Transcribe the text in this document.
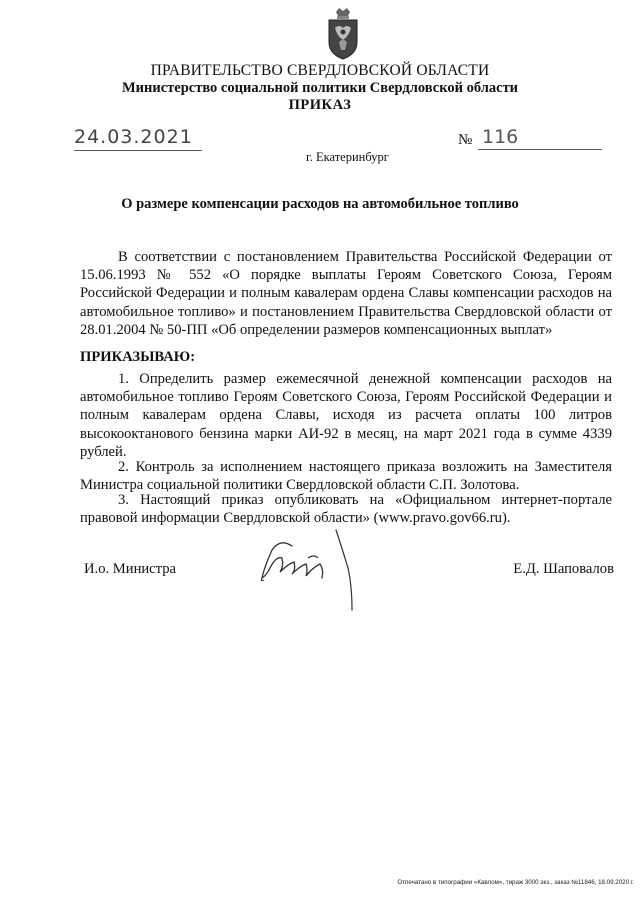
ПРАВИТЕЛЬСТВО СВЕРДЛОВСКОЙ ОБЛАСТИ
Министерство социальной политики Свердловской области
ПРИКАЗ
24.03.2021	№ 116
г. Екатеринбург
О размере компенсации расходов на автомобильное топливо
В соответствии с постановлением Правительства Российской Федерации от 15.06.1993 № 552 «О порядке выплаты Героям Советского Союза, Героям Российской Федерации и полным кавалерам ордена Славы компенсации расходов на автомобильное топливо» и постановлением Правительства Свердловской области от 28.01.2004 № 50-ПП «Об определении размеров компенсационных выплат»
ПРИКАЗЫВАЮ:
1. Определить размер ежемесячной денежной компенсации расходов на автомобильное топливо Героям Советского Союза, Героям Российской Федерации и полным кавалерам ордена Славы, исходя из расчета оплаты 100 литров высокооктанового бензина марки АИ-92 в месяц, на март 2021 года в сумме 4339 рублей.
2. Контроль за исполнением настоящего приказа возложить на Заместителя Министра социальной политики Свердловской области С.П. Золотова.
3. Настоящий приказ опубликовать на «Официальном интернет-портале правовой информации Свердловской области» (www.pravo.gov66.ru).
И.о. Министра	Е.Д. Шаповалов
Отпечатано в типографии «Кавлом», тираж 3000 экз., заказ №11846, 18.09.2020 г.
